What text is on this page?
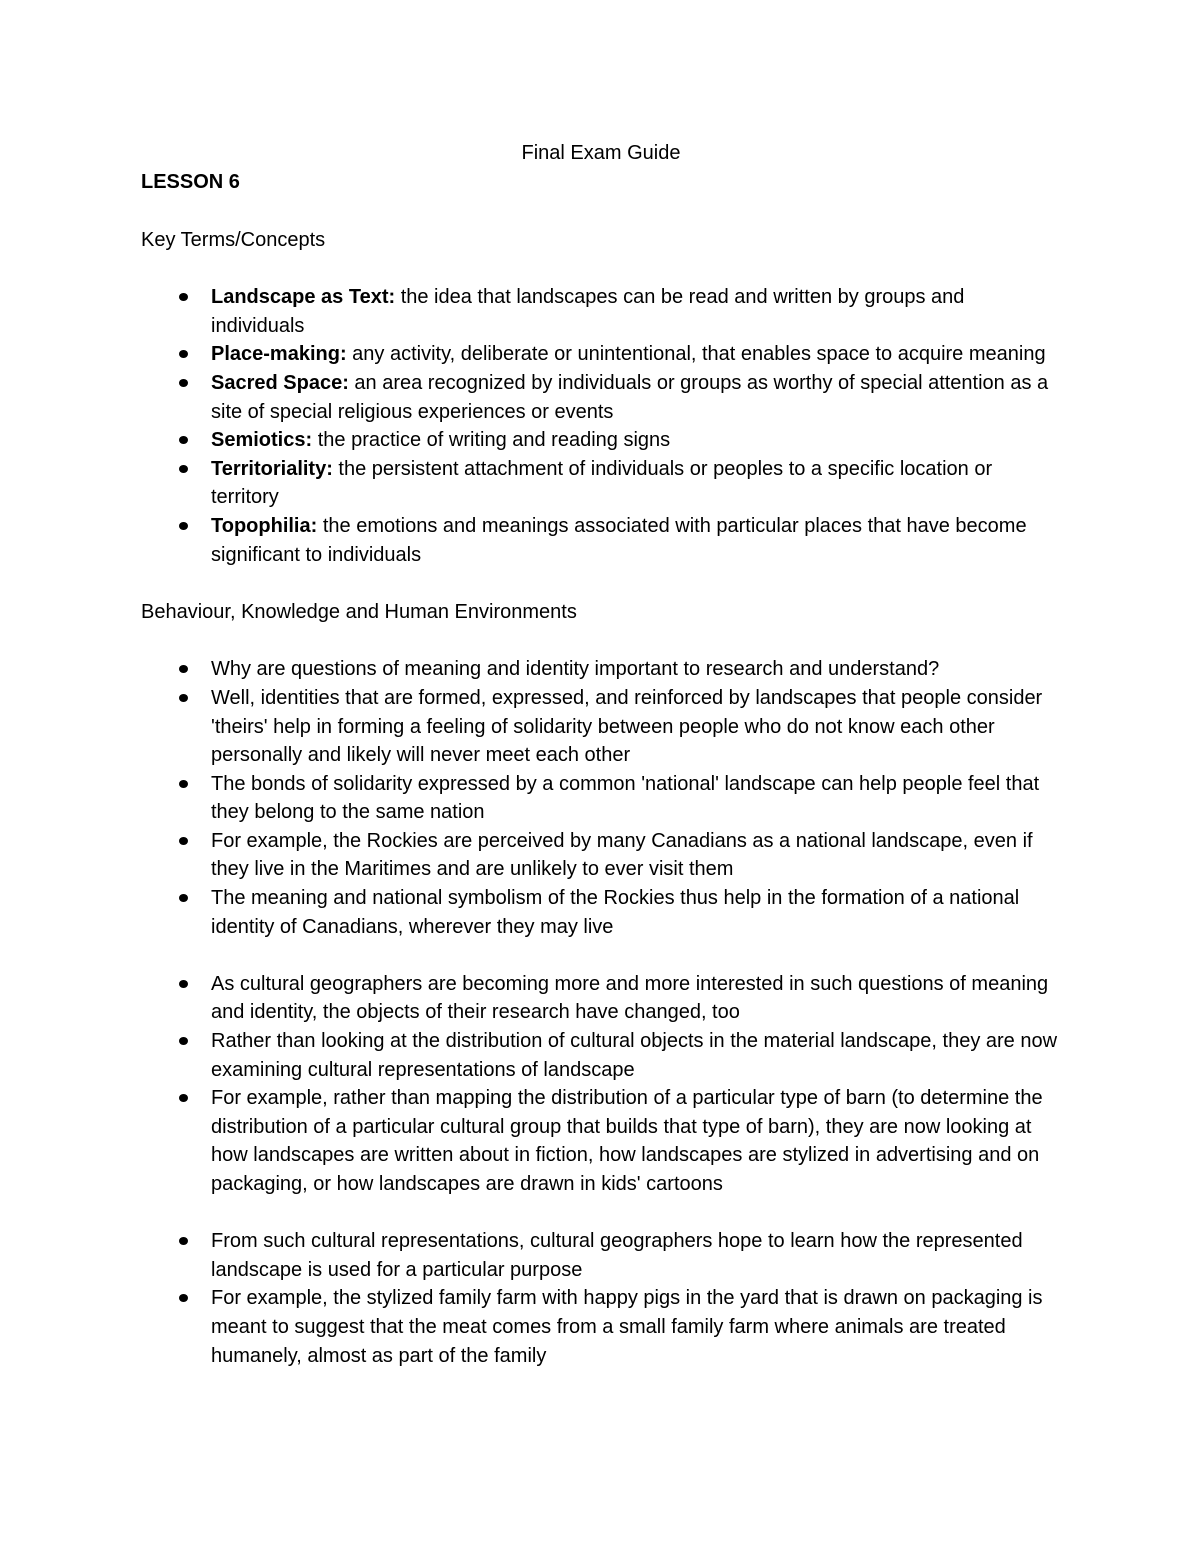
Final Exam Guide
LESSON 6

Key Terms/Concepts

Landscape as Text: the idea that landscapes can be read and written by groups and individuals
Place-making: any activity, deliberate or unintentional, that enables space to acquire meaning
Sacred Space: an area recognized by individuals or groups as worthy of special attention as a site of special religious experiences or events
Semiotics: the practice of writing and reading signs
Territoriality: the persistent attachment of individuals or peoples to a specific location or territory
Topophilia: the emotions and meanings associated with particular places that have become significant to individuals

Behaviour, Knowledge and Human Environments

Why are questions of meaning and identity important to research and understand?
Well, identities that are formed, expressed, and reinforced by landscapes that people consider 'theirs' help in forming a feeling of solidarity between people who do not know each other personally and likely will never meet each other
The bonds of solidarity expressed by a common 'national' landscape can help people feel that they belong to the same nation
For example, the Rockies are perceived by many Canadians as a national landscape, even if they live in the Maritimes and are unlikely to ever visit them
The meaning and national symbolism of the Rockies thus help in the formation of a national identity of Canadians, wherever they may live
As cultural geographers are becoming more and more interested in such questions of meaning and identity, the objects of their research have changed, too
Rather than looking at the distribution of cultural objects in the material landscape, they are now examining cultural representations of landscape
For example, rather than mapping the distribution of a particular type of barn (to determine the distribution of a particular cultural group that builds that type of barn), they are now looking at how landscapes are written about in fiction, how landscapes are stylized in advertising and on packaging, or how landscapes are drawn in kids' cartoons
From such cultural representations, cultural geographers hope to learn how the represented landscape is used for a particular purpose
For example, the stylized family farm with happy pigs in the yard that is drawn on packaging is meant to suggest that the meat comes from a small family farm where animals are treated humanely, almost as part of the family
